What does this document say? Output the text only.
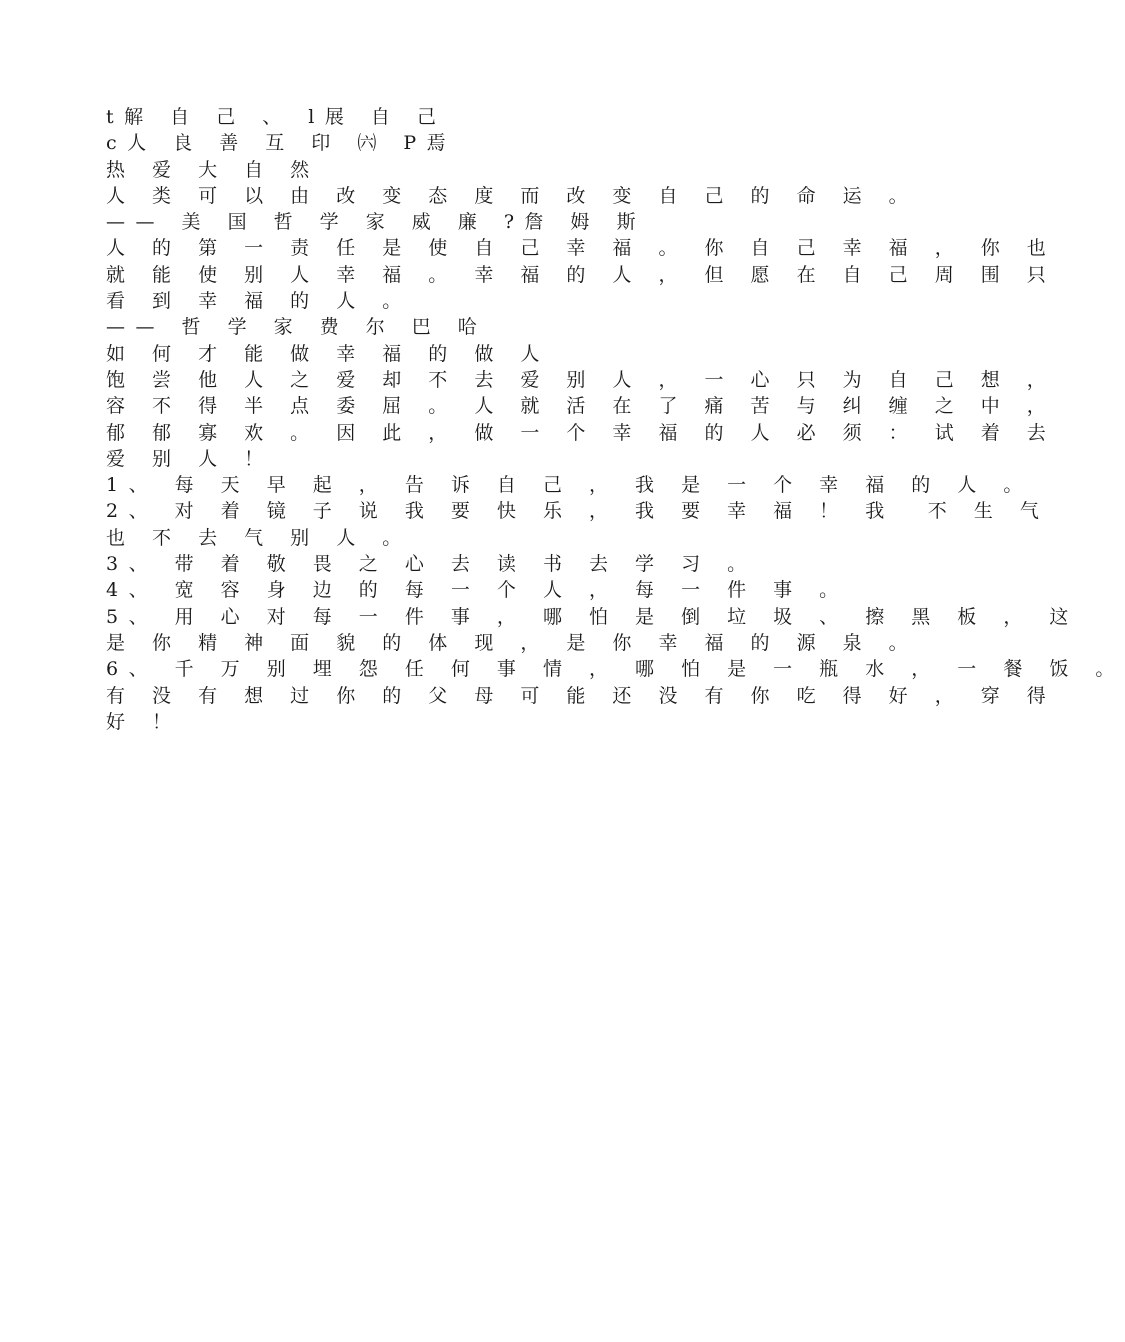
t解 自 己 、 l展 自 己
c人 良 善 互 印 ㈥ P焉
热 爱 大 自 然
人 类 可 以 由 改 变 态 度 而 改 变 自 己 的 命 运 。
—— 美 国 哲 学 家 威 廉 ?詹 姆 斯
人 的 第 一 责 任 是 使 自 己 幸 福 。 你 自 己 幸 福 ， 你 也
就 能 使 别 人 幸 福 。 幸 福 的 人 ， 但 愿 在 自 己 周 围 只
看 到 幸 福 的 人 。
—— 哲 学 家 费 尔 巴 哈
如 何 才 能 做 幸 福 的 做 人
饱 尝 他 人 之 爱 却 不 去 爱 别 人 ， 一 心 只 为 自 己 想 ，
容 不 得 半 点 委 屈 。 人 就 活 在 了 痛 苦 与 纠 缠 之 中 ，
郁 郁 寡 欢 。 因 此 ， 做 一 个 幸 福 的 人 必 须 ： 试 着 去
爱 别 人 ！
1、 每 天 早 起 ， 告 诉 自 己 ， 我 是 一 个 幸 福 的 人 。
2、 对 着 镜 子 说 我 要 快 乐 ， 我 要 幸 福 ！ 我  不 生 气
也 不 去 气 别 人 。
3、 带 着 敬 畏 之 心 去 读 书 去 学 习 。
4、 宽 容 身 边 的 每 一 个 人 ， 每 一 件 事 。
5、 用 心 对 每 一 件 事 ， 哪 怕 是 倒 垃 圾 、 擦 黑 板 ， 这
是 你 精 神 面 貌 的 体 现 ， 是 你 幸 福 的 源 泉 。
6、 千 万 别 埋 怨 任 何 事 情 ， 哪 怕 是 一 瓶 水 ， 一 餐 饭 。
有 没 有 想 过 你 的 父 母 可 能 还 没 有 你 吃 得 好 ， 穿 得
好 ！
